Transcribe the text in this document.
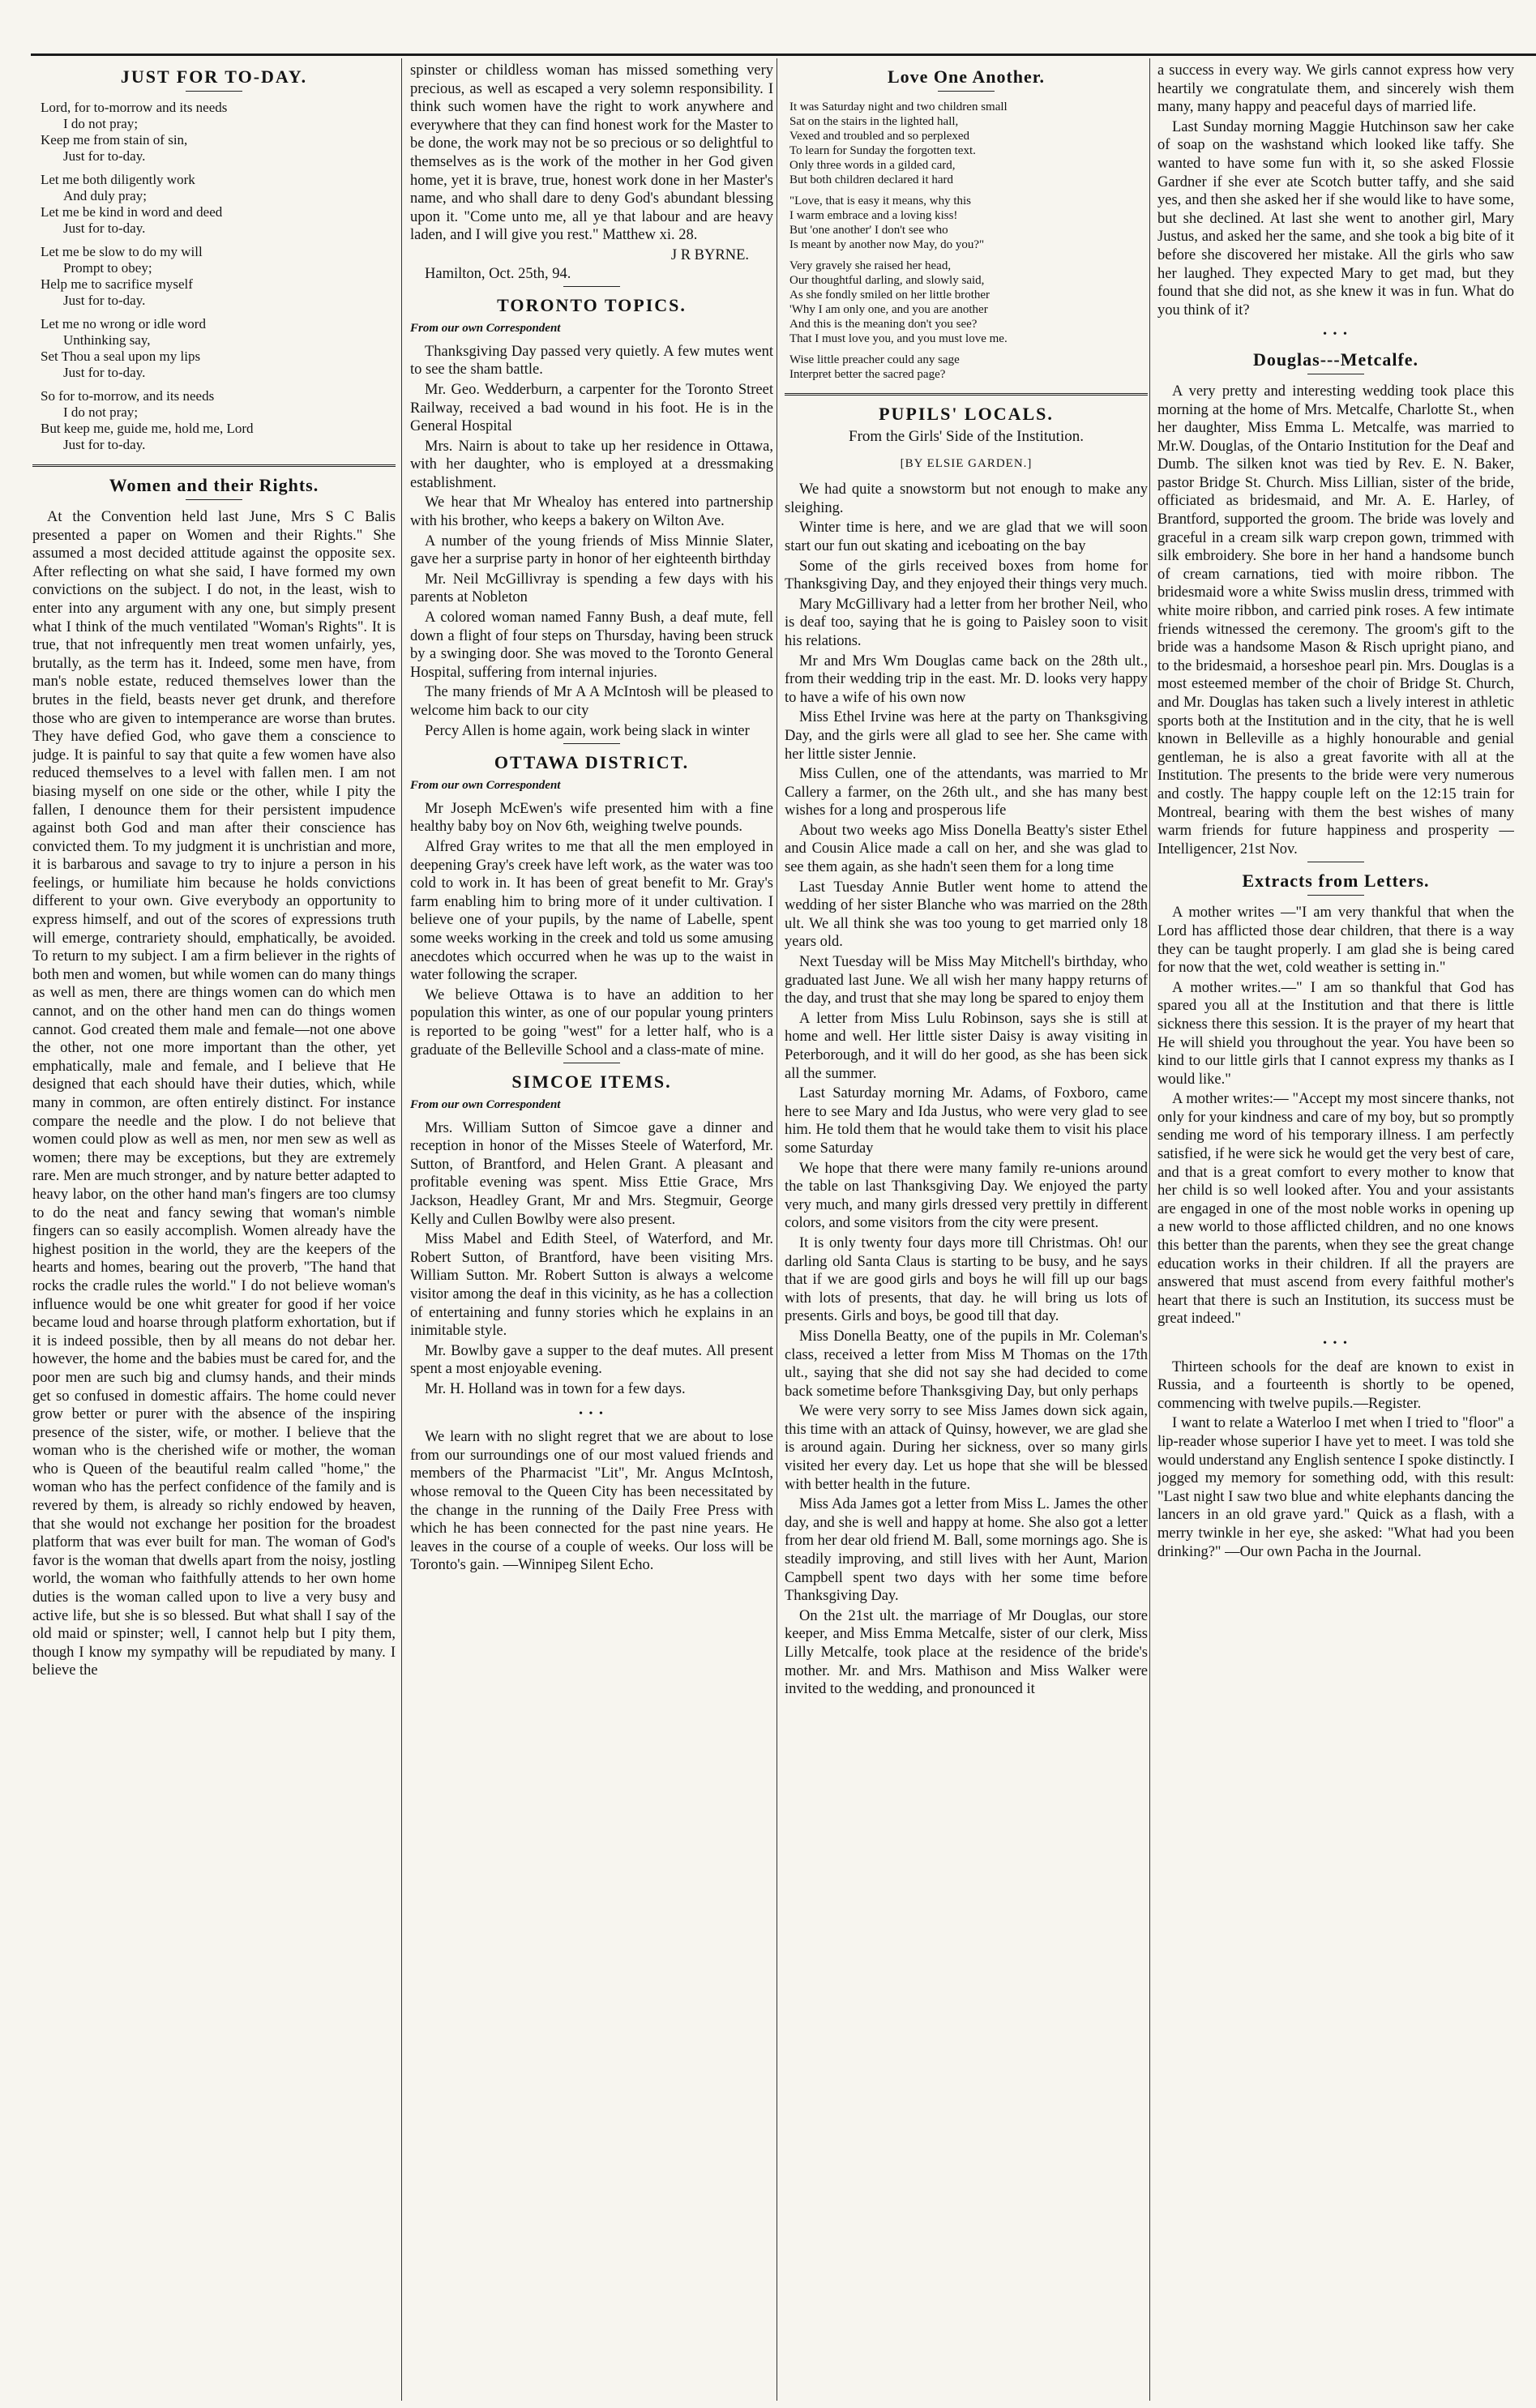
JUST FOR TO-DAY.
Lord, for to-morrow and its needs
I do not pray;
Keep me from stain of sin,
Just for to-day.
Let me both diligently work
And duly pray;
Let me be kind in word and deed
Just for to-day.
Let me be slow to do my will
Prompt to obey;
Help me to sacrifice myself
Just for to-day.
Let me no wrong or idle word
Unthinking say,
Set Thou a seal upon my lips
Just for to-day.
So for to-morrow, and its needs
I do not pray;
But keep me, guide me, hold me, Lord
Just for to-day.
Women and their Rights.

At the Convention held last June, Mrs S C Balis presented a paper on Women and their Rights." She assumed a most decided attitude against the opposite sex. After reflecting on what she said, I have formed my own convictions on the subject. I do not, in the least, wish to enter into any argument with any one, but simply present what I think of the much ventilated "Woman's Rights". It is true, that not infrequently men treat women unfairly, yes, brutally, as the term has it. Indeed, some men have, from man's noble estate, reduced themselves lower than the brutes in the field, beasts never get drunk, and therefore those who are given to intemperance are worse than brutes. They have defied God, who gave them a conscience to judge. It is painful to say that quite a few women have also reduced themselves to a level with fallen men. I am not biasing myself on one side or the other, while I pity the fallen, I denounce them for their persistent impudence against both God and man after their conscience has convicted them. To my judgment it is unchristian and more, it is barbarous and savage to try to injure a person in his feelings, or humiliate him because he holds convictions different to your own. Give everybody an opportunity to express himself, and out of the scores of expressions truth will emerge, contrariety should, emphatically, be avoided. To return to my subject. I am a firm believer in the rights of both men and women, but while women can do many things as well as men, there are things women can do which men cannot, and on the other hand men can do things women cannot. God created them male and female—not one above the other, not one more important than the other, yet emphatically, male and female, and I believe that He designed that each should have their duties, which, while many in common, are often entirely distinct. For instance compare the needle and the plow. I do not believe that women could plow as well as men, nor men sew as well as women; there may be exceptions, but they are extremely rare. Men are much stronger, and by nature better adapted to heavy labor, on the other hand man's fingers are too clumsy to do the neat and fancy sewing that woman's nimble fingers can so easily accomplish. Women already have the highest position in the world, they are the keepers of the hearts and homes, bearing out the proverb, "The hand that rocks the cradle rules the world." I do not believe woman's influence would be one whit greater for good if her voice became loud and hoarse through platform exhortation, but if it is indeed possible, then by all means do not debar her. however, the home and the babies must be cared for, and the poor men are such big and clumsy hands, and their minds get so confused in domestic affairs. The home could never grow better or purer with the absence of the inspiring presence of the sister, wife, or mother. I believe that the woman who is the cherished wife or mother, the woman who is Queen of the beautiful realm called "home," the woman who has the perfect confidence of the family and is revered by them, is already so richly endowed by heaven, that she would not exchange her position for the broadest platform that was ever built for man. The woman of God's favor is the woman that dwells apart from the noisy, jostling world, the woman who faithfully attends to her own home duties is the woman called upon to live a very busy and active life, but she is so blessed. But what shall I say of the old maid or spinster; well, I cannot help but I pity them, though I know my sympathy will be repudiated by many. I believe the

spinster or childless woman has missed something very precious, as well as escaped a very solemn responsibility. I think such women have the right to work anywhere and everywhere that they can find honest work for the Master to be done, the work may not be so precious or so delightful to themselves as is the work of the mother in her God given home, yet it is brave, true, honest work done in her Master's name, and who shall dare to deny God's abundant blessing upon it. "Come unto me, all ye that labour and are heavy laden, and I will give you rest." Matthew xi. 28.

J R BYRNE.

Hamilton, Oct. 25th, 94.

TORONTO TOPICS.
From our own Correspondent

Thanksgiving Day passed very quietly. A few mutes went to see the sham battle.

Mr. Geo. Wedderburn, a carpenter for the Toronto Street Railway, received a bad wound in his foot. He is in the General Hospital

Mrs. Nairn is about to take up her residence in Ottawa, with her daughter, who is employed at a dressmaking establishment.

We hear that Mr Whealoy has entered into partnership with his brother, who keeps a bakery on Wilton Ave.

A number of the young friends of Miss Minnie Slater, gave her a surprise party in honor of her eighteenth birthday

Mr. Neil McGillivray is spending a few days with his parents at Nobleton

A colored woman named Fanny Bush, a deaf mute, fell down a flight of four steps on Thursday, having been struck by a swinging door. She was moved to the Toronto General Hospital, suffering from internal injuries.

The many friends of Mr A A McIntosh will be pleased to welcome him back to our city

Percy Allen is home again, work being slack in winter

OTTAWA DISTRICT.
From our own Correspondent

Mr Joseph McEwen's wife presented him with a fine healthy baby boy on Nov 6th, weighing twelve pounds.

Alfred Gray writes to me that all the men employed in deepening Gray's creek have left work, as the water was too cold to work in. It has been of great benefit to Mr. Gray's farm enabling him to bring more of it under cultivation. I believe one of your pupils, by the name of Labelle, spent some weeks working in the creek and told us some amusing anecdotes which occurred when he was up to the waist in water following the scraper.

We believe Ottawa is to have an addition to her population this winter, as one of our popular young printers is reported to be going "west" for a letter half, who is a graduate of the Belleville School and a class-mate of mine.

SIMCOE ITEMS.
From our own Correspondent

Mrs. William Sutton of Simcoe gave a dinner and reception in honor of the Misses Steele of Waterford, Mr. Sutton, of Brantford, and Helen Grant. A pleasant and profitable evening was spent. Miss Ettie Grace, Mrs Jackson, Headley Grant, Mr and Mrs. Stegmuir, George Kelly and Cullen Bowlby were also present.

Miss Mabel and Edith Steel, of Waterford, and Mr. Robert Sutton, of Brantford, have been visiting Mrs. William Sutton. Mr. Robert Sutton is always a welcome visitor among the deaf in this vicinity, as he has a collection of entertaining and funny stories which he explains in an inimitable style.

Mr. Bowlby gave a supper to the deaf mutes. All present spent a most enjoyable evening.

Mr. H. Holland was in town for a few days.

• • •

We learn with no slight regret that we are about to lose from our surroundings one of our most valued friends and members of the Pharmacist "Lit", Mr. Angus McIntosh, whose removal to the Queen City has been necessitated by the change in the running of the Daily Free Press with which he has been connected for the past nine years. He leaves in the course of a couple of weeks. Our loss will be Toronto's gain. —Winnipeg Silent Echo.

Love One Another.
It was Saturday night and two children small
Sat on the stairs in the lighted hall,
Vexed and troubled and so perplexed
To learn for Sunday the forgotten text.
Only three words in a gilded card,
But both children declared it hard
"Love, that is easy it means, why this
I warm embrace and a loving kiss!
But 'one another' I don't see who
Is meant by another now May, do you?"
Very gravely she raised her head,
Our thoughtful darling, and slowly said,
As she fondly smiled on her little brother
'Why I am only one, and you are another
And this is the meaning don't you see?
That I must love you, and you must love me.
Wise little preacher could any sage
Interpret better the sacred page?
PUPILS' LOCALS.
From the Girls' Side of the Institution.
[BY ELSIE GARDEN.]

We had quite a snowstorm but not enough to make any sleighing.

Winter time is here, and we are glad that we will soon start our fun out skating and iceboating on the bay

Some of the girls received boxes from home for Thanksgiving Day, and they enjoyed their things very much.

Mary McGillivary had a letter from her brother Neil, who is deaf too, saying that he is going to Paisley soon to visit his relations.

Mr and Mrs Wm Douglas came back on the 28th ult., from their wedding trip in the east. Mr. D. looks very happy to have a wife of his own now

Miss Ethel Irvine was here at the party on Thanksgiving Day, and the girls were all glad to see her. She came with her little sister Jennie.

Miss Cullen, one of the attendants, was married to Mr Callery a farmer, on the 26th ult., and she has many best wishes for a long and prosperous life

About two weeks ago Miss Donella Beatty's sister Ethel and Cousin Alice made a call on her, and she was glad to see them again, as she hadn't seen them for a long time

Last Tuesday Annie Butler went home to attend the wedding of her sister Blanche who was married on the 28th ult. We all think she was too young to get married only 18 years old.

Next Tuesday will be Miss May Mitchell's birthday, who graduated last June. We all wish her many happy returns of the day, and trust that she may long be spared to enjoy them

A letter from Miss Lulu Robinson, says she is still at home and well. Her little sister Daisy is away visiting in Peterborough, and it will do her good, as she has been sick all the summer.

Last Saturday morning Mr. Adams, of Foxboro, came here to see Mary and Ida Justus, who were very glad to see him. He told them that he would take them to visit his place some Saturday

We hope that there were many family re-unions around the table on last Thanksgiving Day. We enjoyed the party very much, and many girls dressed very prettily in different colors, and some visitors from the city were present.

It is only twenty four days more till Christmas. Oh! our darling old Santa Claus is starting to be busy, and he says that if we are good girls and boys he will fill up our bags with lots of presents, that day. he will bring us lots of presents. Girls and boys, be good till that day.

Miss Donella Beatty, one of the pupils in Mr. Coleman's class, received a letter from Miss M Thomas on the 17th ult., saying that she did not say she had decided to come back sometime before Thanksgiving Day, but only perhaps

We were very sorry to see Miss James down sick again, this time with an attack of Quinsy, however, we are glad she is around again. During her sickness, over so many girls visited her every day. Let us hope that she will be blessed with better health in the future.

Miss Ada James got a letter from Miss L. James the other day, and she is well and happy at home. She also got a letter from her dear old friend M. Ball, some mornings ago. She is steadily improving, and still lives with her Aunt, Marion Campbell spent two days with her some time before Thanksgiving Day.

On the 21st ult. the marriage of Mr Douglas, our store keeper, and Miss Emma Metcalfe, sister of our clerk, Miss Lilly Metcalfe, took place at the residence of the bride's mother. Mr. and Mrs. Mathison and Miss Walker were invited to the wedding, and pronounced it

a success in every way. We girls cannot express how very heartily we congratulate them, and sincerely wish them many, many happy and peaceful days of married life.

Last Sunday morning Maggie Hutchinson saw her cake of soap on the washstand which looked like taffy. She wanted to have some fun with it, so she asked Flossie Gardner if she ever ate Scotch butter taffy, and she said yes, and then she asked her if she would like to have some, but she declined. At last she went to another girl, Mary Justus, and asked her the same, and she took a big bite of it before she discovered her mistake. All the girls who saw her laughed. They expected Mary to get mad, but they found that she did not, as she knew it was in fun. What do you think of it?

• • •
Douglas---Metcalfe.

A very pretty and interesting wedding took place this morning at the home of Mrs. Metcalfe, Charlotte St., when her daughter, Miss Emma L. Metcalfe, was married to Mr.W. Douglas, of the Ontario Institution for the Deaf and Dumb. The silken knot was tied by Rev. E. N. Baker, pastor Bridge St. Church. Miss Lillian, sister of the bride, officiated as bridesmaid, and Mr. A. E. Harley, of Brantford, supported the groom. The bride was lovely and graceful in a cream silk warp crepon gown, trimmed with silk embroidery. She bore in her hand a handsome bunch of cream carnations, tied with moire ribbon. The bridesmaid wore a white Swiss muslin dress, trimmed with white moire ribbon, and carried pink roses. A few intimate friends witnessed the ceremony. The groom's gift to the bride was a handsome Mason & Risch upright piano, and to the bridesmaid, a horseshoe pearl pin. Mrs. Douglas is a most esteemed member of the choir of Bridge St. Church, and Mr. Douglas has taken such a lively interest in athletic sports both at the Institution and in the city, that he is well known in Belleville as a highly honourable and genial gentleman, he is also a great favorite with all at the Institution. The presents to the bride were very numerous and costly. The happy couple left on the 12:15 train for Montreal, bearing with them the best wishes of many warm friends for future happiness and prosperity —Intelligencer, 21st Nov.

Extracts from Letters.

A mother writes —"I am very thankful that when the Lord has afflicted those dear children, that there is a way they can be taught properly. I am glad she is being cared for now that the wet, cold weather is setting in."

A mother writes.—" I am so thankful that God has spared you all at the Institution and that there is little sickness there this session. It is the prayer of my heart that He will shield you throughout the year. You have been so kind to our little girls that I cannot express my thanks as I would like."

A mother writes:— "Accept my most sincere thanks, not only for your kindness and care of my boy, but so promptly sending me word of his temporary illness. I am perfectly satisfied, if he were sick he would get the very best of care, and that is a great comfort to every mother to know that her child is so well looked after. You and your assistants are engaged in one of the most noble works in opening up a new world to those afflicted children, and no one knows this better than the parents, when they see the great change education works in their children. If all the prayers are answered that must ascend from every faithful mother's heart that there is such an Institution, its success must be great indeed."

• • •

Thirteen schools for the deaf are known to exist in Russia, and a fourteenth is shortly to be opened, commencing with twelve pupils.—Register.

I want to relate a Waterloo I met when I tried to "floor" a lip-reader whose superior I have yet to meet. I was told she would understand any English sentence I spoke distinctly. I jogged my memory for something odd, with this result: "Last night I saw two blue and white elephants dancing the lancers in an old grave yard." Quick as a flash, with a merry twinkle in her eye, she asked: "What had you been drinking?" —Our own Pacha in the Journal.
